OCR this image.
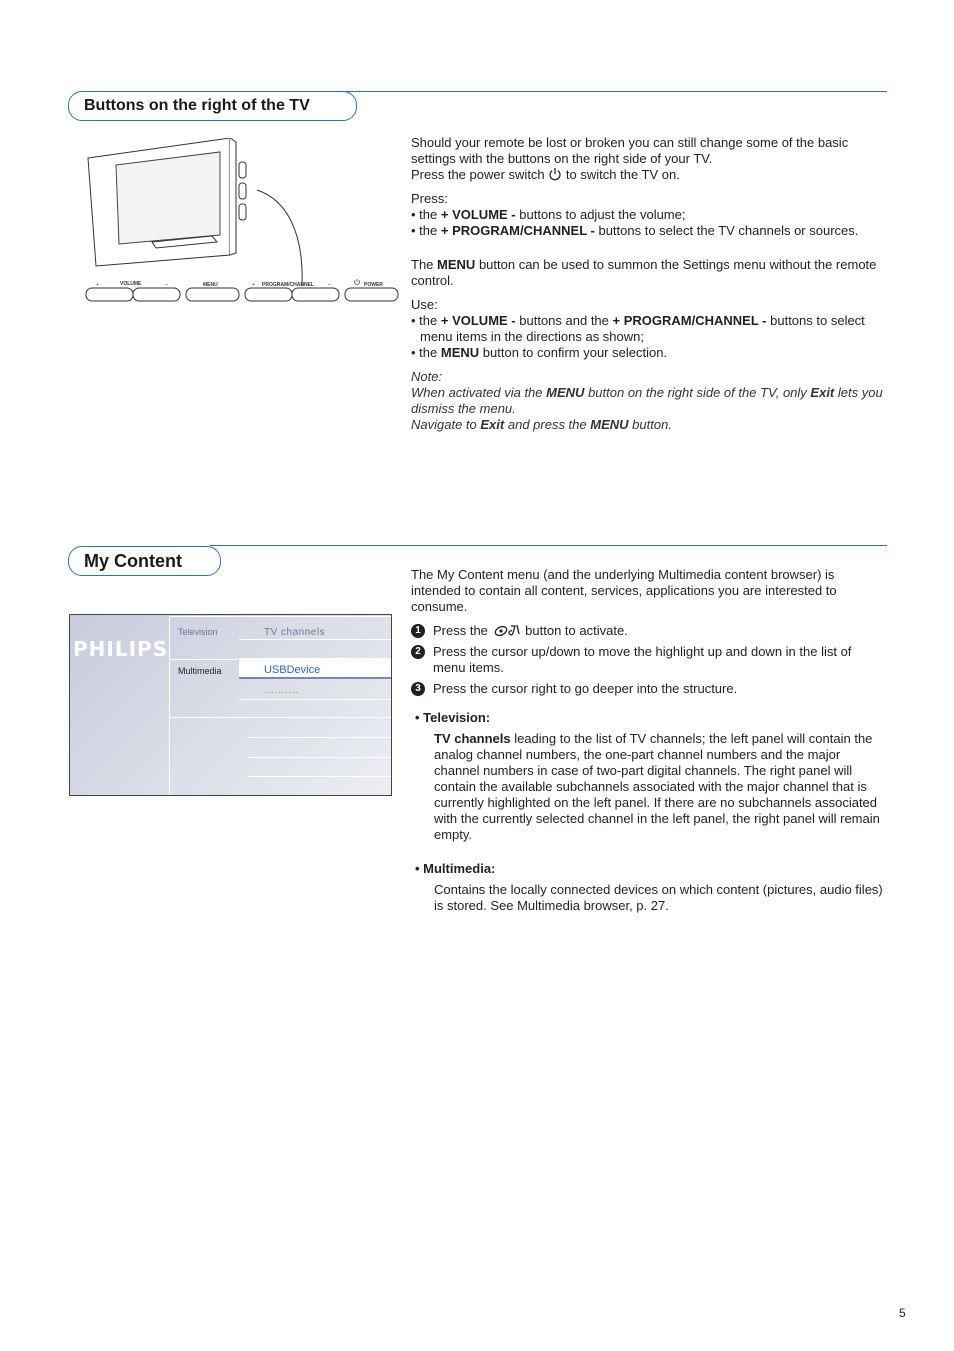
Buttons on the right of the TV
+	VOLUME	–	MENU	+ PROGRAM/CHANNEL	–	POWER

Should your remote be lost or broken you can still change some of the basic settings with the buttons on the right side of your TV.

Press the power switch to switch the TV on.

Press:

• the + VOLUME - buttons to adjust the volume;

• the + PROGRAM/CHANNEL - buttons to select the TV channels or sources.

The MENU button can be used to summon the Settings menu without the remote control.

Use:

• the + VOLUME - buttons and the + PROGRAM/CHANNEL - buttons to select menu items in the directions as shown;

• the MENU button to confirm your selection.

Note:

When activated via the MENU button on the right side of the TV, only Exit lets you dismiss the menu.

Navigate to Exit and press the MENU button.

My Content
PHILIPS
Television	TV channels
Multimedia	USBDevice
..........

The My Content menu (and the underlying Multimedia content browser) is intended to contain all content, services, applications you are interested to consume.

1 Press the	button to activate.
2 Press the cursor up/down to move the highlight up and down in the list of menu items.
3 Press the cursor right to go deeper into the structure.

• Television:

TV channels leading to the list of TV channels; the left panel will contain the analog channel numbers, the one-part channel numbers and the major channel numbers in case of two-part digital channels. The right panel will contain the available subchannels associated with the major channel that is currently highlighted on the left panel. If there are no subchannels associated with the currently selected channel in the left panel, the right panel will remain empty.

• Multimedia:

Contains the locally connected devices on which content (pictures, audio files) is stored. See Multimedia browser, p. 27.

5
